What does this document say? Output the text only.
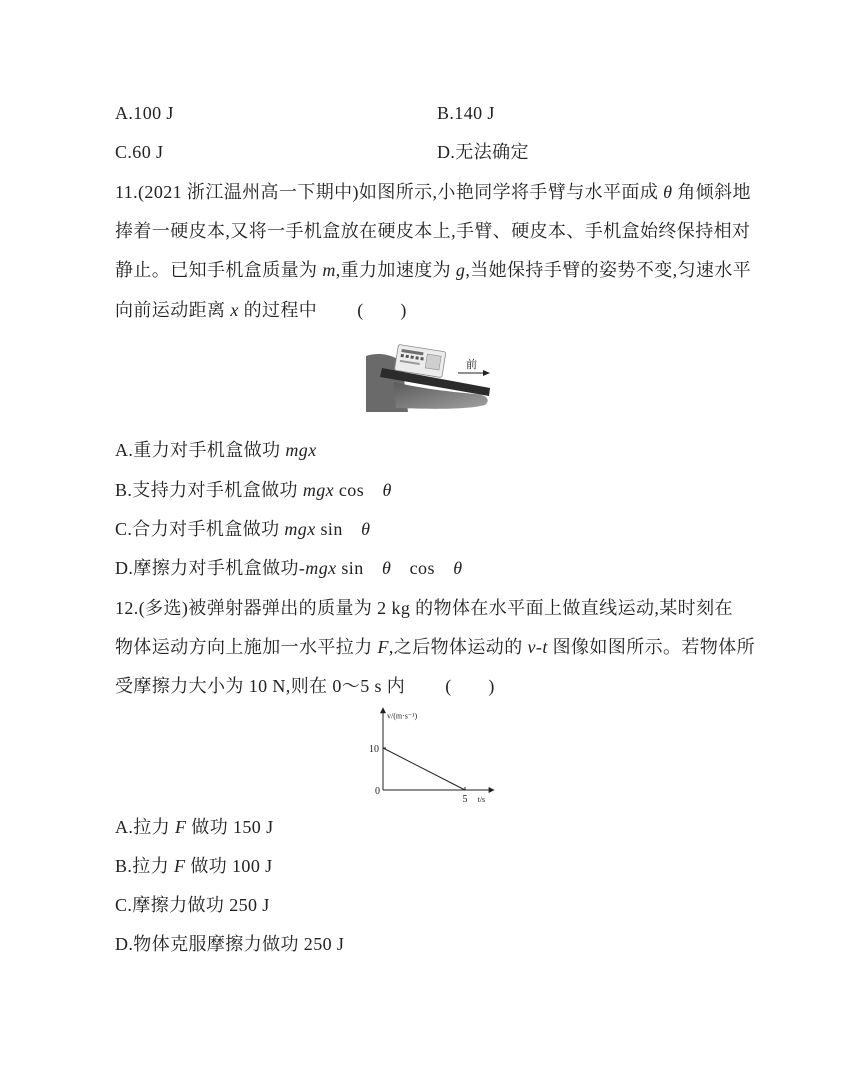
A.100 J	B.140 J
C.60 J	D.无法确定
11.(2021 浙江温州高一下期中)如图所示,小艳同学将手臂与水平面成 θ 角倾斜地
捧着一硬皮本,又将一手机盒放在硬皮本上,手臂、硬皮本、手机盒始终保持相对
静止。已知手机盒质量为 m,重力加速度为 g,当她保持手臂的姿势不变,匀速水平
向前运动距离 x 的过程中 (　　)
前
A.重力对手机盒做功 mgx
B.支持力对手机盒做功 mgx cos　θ
C.合力对手机盒做功 mgx sin　θ
D.摩擦力对手机盒做功-mgx sin　θ　cos　θ
12.(多选)被弹射器弹出的质量为 2 kg 的物体在水平面上做直线运动,某时刻在
物体运动方向上施加一水平拉力 F,之后物体运动的 v-t 图像如图所示。若物体所
受摩擦力大小为 10 N,则在 0～5 s 内 (　　)
10
5
0
t/s
v/(m·s⁻¹)
A.拉力 F 做功 150 J
B.拉力 F 做功 100 J
C.摩擦力做功 250 J
D.物体克服摩擦力做功 250 J
